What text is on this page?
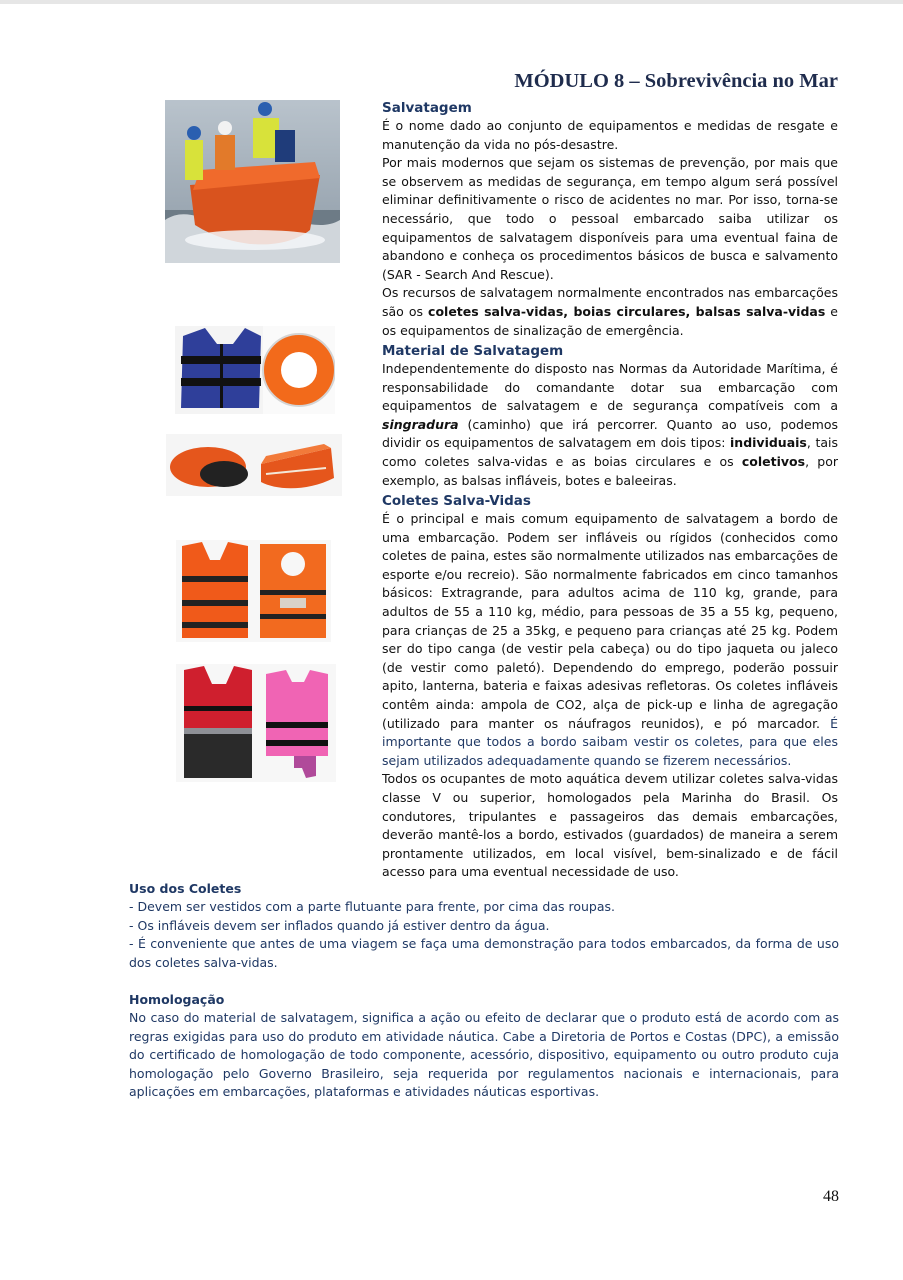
MÓDULO 8 – Sobrevivência no Mar

Salvatagem

É o nome dado ao conjunto de equipamentos e medidas de resgate e manutenção da vida no pós-desastre.

Por mais modernos que sejam os sistemas de prevenção, por mais que se observem as medidas de segurança, em tempo algum será possível eliminar definitivamente o risco de acidentes no mar. Por isso, torna-se necessário, que todo o pessoal embarcado saiba utilizar os equipamentos de salvatagem disponíveis para uma eventual faina de abandono e conheça os procedimentos básicos de busca e salvamento (SAR - Search And Rescue).

Os recursos de salvatagem normalmente encontrados nas embarcações são os coletes salva-vidas, boias circulares, balsas salva-vidas e os equipamentos de sinalização de emergência.

Material de Salvatagem

Independentemente do disposto nas Normas da Autoridade Marítima, é responsabilidade do comandante dotar sua embarcação com equipamentos de salvatagem e de segurança compatíveis com a singradura (caminho) que irá percorrer. Quanto ao uso, podemos dividir os equipamentos de salvatagem em dois tipos: individuais, tais como coletes salva-vidas e as boias circulares e os coletivos, por exemplo, as balsas infláveis, botes e baleeiras.

Coletes Salva-Vidas

É o principal e mais comum equipamento de salvatagem a bordo de uma embarcação. Podem ser infláveis ou rígidos (conhecidos como coletes de paina, estes são normalmente utilizados nas embarcações de esporte e/ou recreio). São normalmente fabricados em cinco tamanhos básicos: Extragrande, para adultos acima de 110 kg, grande, para adultos de 55 a 110 kg, médio, para pessoas de 35 a 55 kg, pequeno, para crianças de 25 a 35kg, e pequeno para crianças até 25 kg. Podem ser do tipo canga (de vestir pela cabeça) ou do tipo jaqueta ou jaleco (de vestir como paletó). Dependendo do emprego, poderão possuir apito, lanterna, bateria e faixas adesivas refletoras. Os coletes infláveis contêm ainda: ampola de CO2, alça de pick-up e linha de agregação (utilizado para manter os náufragos reunidos), e pó marcador. É importante que todos a bordo saibam vestir os coletes, para que eles sejam utilizados adequadamente quando se fizerem necessários.

Todos os ocupantes de moto aquática devem utilizar coletes salva-vidas classe V ou superior, homologados pela Marinha do Brasil. Os condutores, tripulantes e passageiros das demais embarcações, deverão mantê-los a bordo, estivados (guardados) de maneira a serem prontamente utilizados, em local visível, bem-sinalizado e de fácil acesso para uma eventual necessidade de uso.

Uso dos Coletes

- Devem ser vestidos com a parte flutuante para frente, por cima das roupas.

- Os infláveis devem ser inflados quando já estiver dentro da água.

- É conveniente que antes de uma viagem se faça uma demonstração para todos embarcados, da forma de uso dos coletes salva-vidas.

Homologação

No caso do material de salvatagem, significa a ação ou efeito de declarar que o produto está de acordo com as regras exigidas para uso do produto em atividade náutica. Cabe a Diretoria de Portos e Costas (DPC), a emissão do certificado de homologação de todo componente, acessório, dispositivo, equipamento ou outro produto cuja homologação pelo Governo Brasileiro, seja requerida por regulamentos nacionais e internacionais, para aplicações em embarcações, plataformas e atividades náuticas esportivas.

48
